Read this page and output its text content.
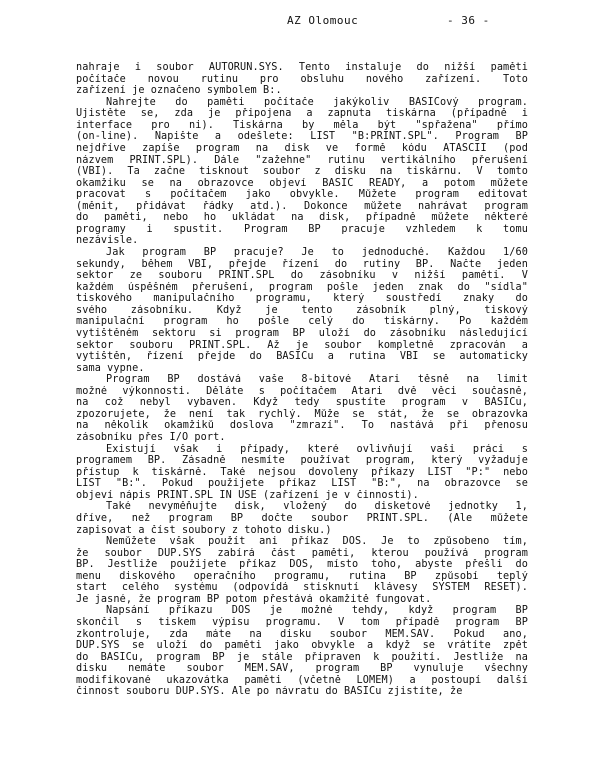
AZ Olomouc	- 36 -
nahraje i soubor AUTORUN.SYS. Tento instaluje do nižší paměti
počítače novou rutinu pro obsluhu nového zařízení. Toto
zařízení je označeno symbolem B:.
Nahrejte do paměti počítače jakýkoliv BASICový program.
Ujistěte se, zda je připojena a zapnuta tiskárna (případně i
interface pro ni). Tiskárna by měla být "spřažena" přímo
(on-line). Napište a odešlete: LIST "B:PRINT.SPL". Program BP
nejdříve zapíše program na disk ve formě kódu ATASCII (pod
názvem PRINT.SPL). Dále "zažehne" rutinu vertikálního přerušení
(VBI). Ta začne tisknout soubor z disku na tiskárnu. V tomto
okamžiku se na obrazovce objeví BASIC READY, a potom můžete
pracovat s počítačem jako obvykle. Můžete program editovat
(měnit, přidávat řádky atd.). Dokonce můžete nahrávat program
do paměti, nebo ho ukládat na disk, případně můžete některé
programy i spustit. Program BP pracuje vzhledem k tomu
nezávisle.
Jak program BP pracuje? Je to jednoduché. Každou 1/60
sekundy, během VBI, přejde řízení do rutiny BP. Načte jeden
sektor ze souboru PRINT.SPL do zásobníku v nižší paměti. V
každém úspěšném přerušení, program pošle jeden znak do "sídla"
tiskového manipulačního programu, který soustředí znaky do
svého zásobníku. Když je tento zásobník plný, tiskový
manipulační program ho pošle celý do tiskárny. Po každém
vytištěném sektoru si program BP uloží do zásobníku následující
sektor souboru PRINT.SPL. Až je soubor kompletně zpracován a
vytištěn, řízení přejde do BASICu a rutina VBI se automaticky
sama vypne.
Program BP dostává vaše 8-bitové Atari těsně na limit
možné výkonnosti. Děláte s počítačem Atari dvě věci současně,
na což nebyl vybaven. Když tedy spustíte program v BASICu,
zpozorujete, že není tak rychlý. Může se stát, že se obrazovka
na několik okamžiků doslova "zmrazí". To nastává při přenosu
zásobníku přes I/O port.
Existují však i případy, které ovlivňují vaši práci s
programem BP. Zásadně nesmíte používat program, který vyžaduje
přístup k tiskárně. Také nejsou dovoleny příkazy LIST "P:" nebo
LIST "B:". Pokud použijete příkaz LIST "B:", na obrazovce se
objeví nápis PRINT.SPL IN USE (zařízení je v činnosti).
Také nevyměňujte disk, vložený do disketové jednotky 1,
dříve, než program BP dočte soubor PRINT.SPL. (Ale můžete
zapisovat a číst soubory z tohoto disku.)
Nemůžete však použít ani příkaz DOS. Je to způsobeno tím,
že soubor DUP.SYS zabírá část paměti, kterou používá program
BP. Jestliže použijete příkaz DOS, místo toho, abyste přešli do
menu diskového operačního programu, rutina BP způsobí teplý
start celého systému (odpovídá stisknutí klávesy SYSTEM RESET).
Je jasné, že program BP potom přestává okamžitě fungovat.
Napsání příkazu DOS je možné tehdy, když program BP
skončil s tiskem výpisu programu. V tom případě program BP
zkontroluje, zda máte na disku soubor MEM.SAV. Pokud ano,
DUP.SYS se uloží do paměti jako obvykle a když se vrátíte zpět
do BASICu, program BP je stále připraven k použití. Jestliže na
disku nemáte soubor MEM.SAV, program BP vynuluje všechny
modifikované ukazovátka paměti (včetně LOMEM) a postoupí další
činnost souboru DUP.SYS. Ale po návratu do BASICu zjistíte, že
